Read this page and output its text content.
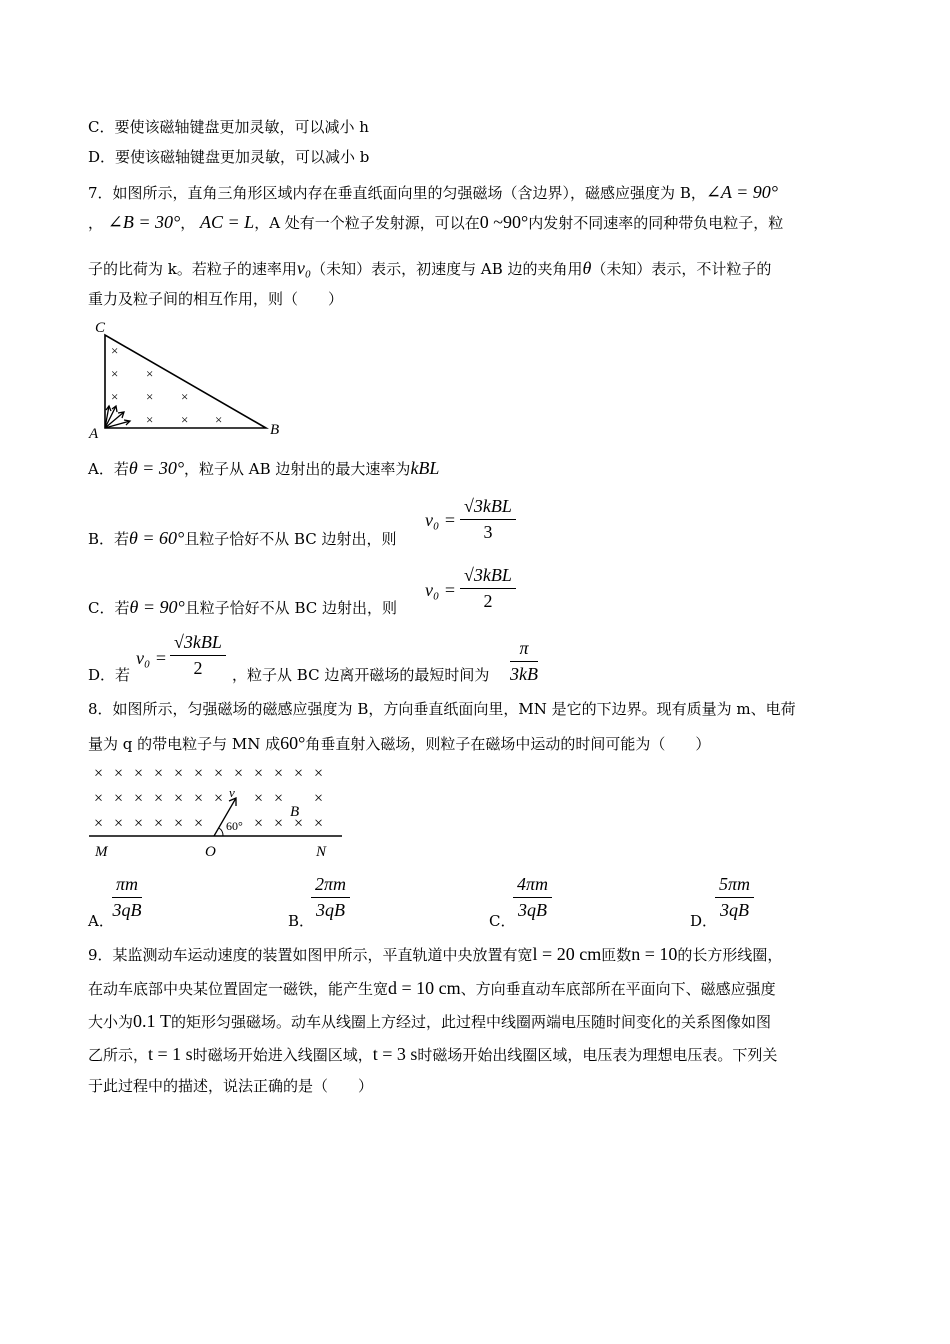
C．要使该磁轴键盘更加灵敏，可以减小 h
D．要使该磁轴键盘更加灵敏，可以减小 b
7．如图所示，直角三角形区域内存在垂直纸面向里的匀强磁场（含边界），磁感应强度为 B，∠A = 90°
， ∠B = 30°， AC = L，A 处有一个粒子发射源，可以在0 ~90°内发射不同速率的同种带负电粒子，粒
子的比荷为 k。若粒子的速率用v₀（未知）表示，初速度与 AB 边的夹角用θ（未知）表示，不计粒子的
重力及粒子间的相互作用，则（　　）
C
A	B
×
× ×
× × ×
× × ×
A．若θ = 30°，粒子从 AB 边射出的最大速率为kBL
B．若θ = 60°且粒子恰好不从 BC 边射出，则
v₀ =
√3kBL
3
C．若θ = 90°且粒子恰好不从 BC 边射出，则
v₀ =
√3kBL
2
D．若
v₀ =
√3kBL
2	，粒子从 BC 边离开磁场的最短时间为 $\frac{\pi}{3kB}$
8．如图所示，匀强磁场的磁感应强度为 B，方向垂直纸面向里，MN 是它的下边界。现有质量为 m、电荷
量为 q 的带电粒子与 MN 成60°角垂直射入磁场，则粒子在磁场中运动的时间可能为（　　）
× × × × × × × × × × × ×
× × × × × × × × × ×
× × × × × ×	× × × ×
v
B
60°
M	O	N
A．
$\frac{\pi m}{3qB}$	B．
$\frac{2\pi m}{3qB}$	C．
$\frac{4\pi m}{3qB}$	D．
$\frac{5\pi m}{3qB}$
9．某监测动车运动速度的装置如图甲所示，平直轨道中央放置有宽l = 20 cm匝数n = 10的长方形线圈，
在动车底部中央某位置固定一磁铁，能产生宽d = 10 cm、方向垂直动车底部所在平面向下、磁感应强度
大小为0.1 T的矩形匀强磁场。动车从线圈上方经过，此过程中线圈两端电压随时间变化的关系图像如图
乙所示，t = 1 s时磁场开始进入线圈区域，t = 3 s时磁场开始出线圈区域，电压表为理想电压表。下列关
于此过程中的描述，说法正确的是（　　）
